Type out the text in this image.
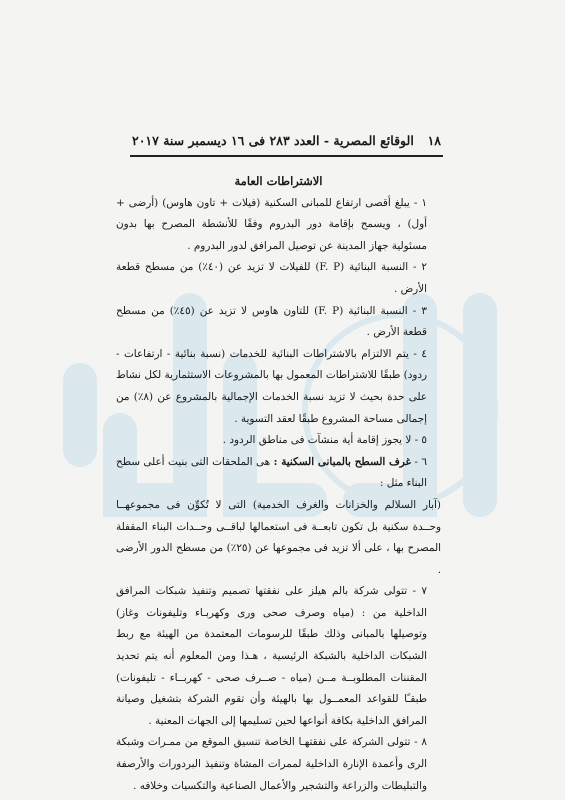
١٨
الوقائع المصرية - العدد ٢٨٣ فى ١٦ ديسمبر سنة ٢٠١٧
الاشتراطات العامة

١ - يبلغ أقصى ارتفاع للمبانى السكنية (فيلات + تاون هاوس) (أرضى + أول) ، ويسمح بإقامة دور البدروم وفقًا للأنشطة المصرح بها بدون مسئولية جهاز المدينة عن توصيل المرافق لدور البدروم .

٢ - النسبة البنائية (F. P) للفيلات لا تزيد عن (٤٠٪) من مسطح قطعة الأرض .

٣ - النسبة البنائية (F. P) للتاون هاوس لا تزيد عن (٤٥٪) من مسطح قطعة الأرض .

٤ - يتم الالتزام بالاشتراطات البنائية للخدمات (نسبة بنائية - ارتفاعات - ردود) طبقًا للاشتراطات المعمول بها بالمشروعات الاستثمارية لكل نشاط على حدة بحيث لا تزيد نسبة الخدمات الإجمالية بالمشروع عن (٨٪) من إجمالى مساحة المشروع طبقًا لعقد التسوية .

٥ - لا يجوز إقامة أية منشآت فى مناطق الردود .

٦ - غرف السطح بالمبانى السكنية : هى الملحقات التى بنيت أعلى سطح البناء مثل :

(آبار السلالم والخزانات والغرف الخدمية) التى لا تُكوِّن فى مجموعهــا وحــدة سكنية بل تكون تابعــة فى استعمالها لباقــى وحــدات البناء المقفلة المصرح بها ، على ألا تزيد فى مجموعها عن (٢٥٪) من مسطح الدور الأرضى .

٧ - تتولى شركة بالم هيلز على نفقتها تصميم وتنفيذ شبكات المرافق الداخلية من : (مياه وصرف صحى ورى وكهربـاء وتليفونات وغاز) وتوصيلها بالمبانى وذلك طبقًا للرسومات المعتمدة من الهيئة مع ربط الشبكات الداخلية بالشبكة الرئيسية ، هـذا ومن المعلوم أنه يتم تحديد المقننات المطلوبــة مــن (مياه - صــرف صحى - كهربــاء - تليفونات) طبقـًا للقواعد المعمــول بها بالهيئة وأن تقوم الشركة بتشغيل وصيانة المرافق الداخلية بكافة أنواعها لحين تسليمها إلى الجهات المعنية .

٨ - تتولى الشركة على نفقتهـا الخاصة تنسيق الموقع من ممـرات وشبكة الرى وأعمدة الإنارة الداخلية لممرات المشاة وتنفيذ البردورات والأرصفة والتبليطات والزراعة والتشجير والأعمال الصناعية والتكسيات وخلافه .
